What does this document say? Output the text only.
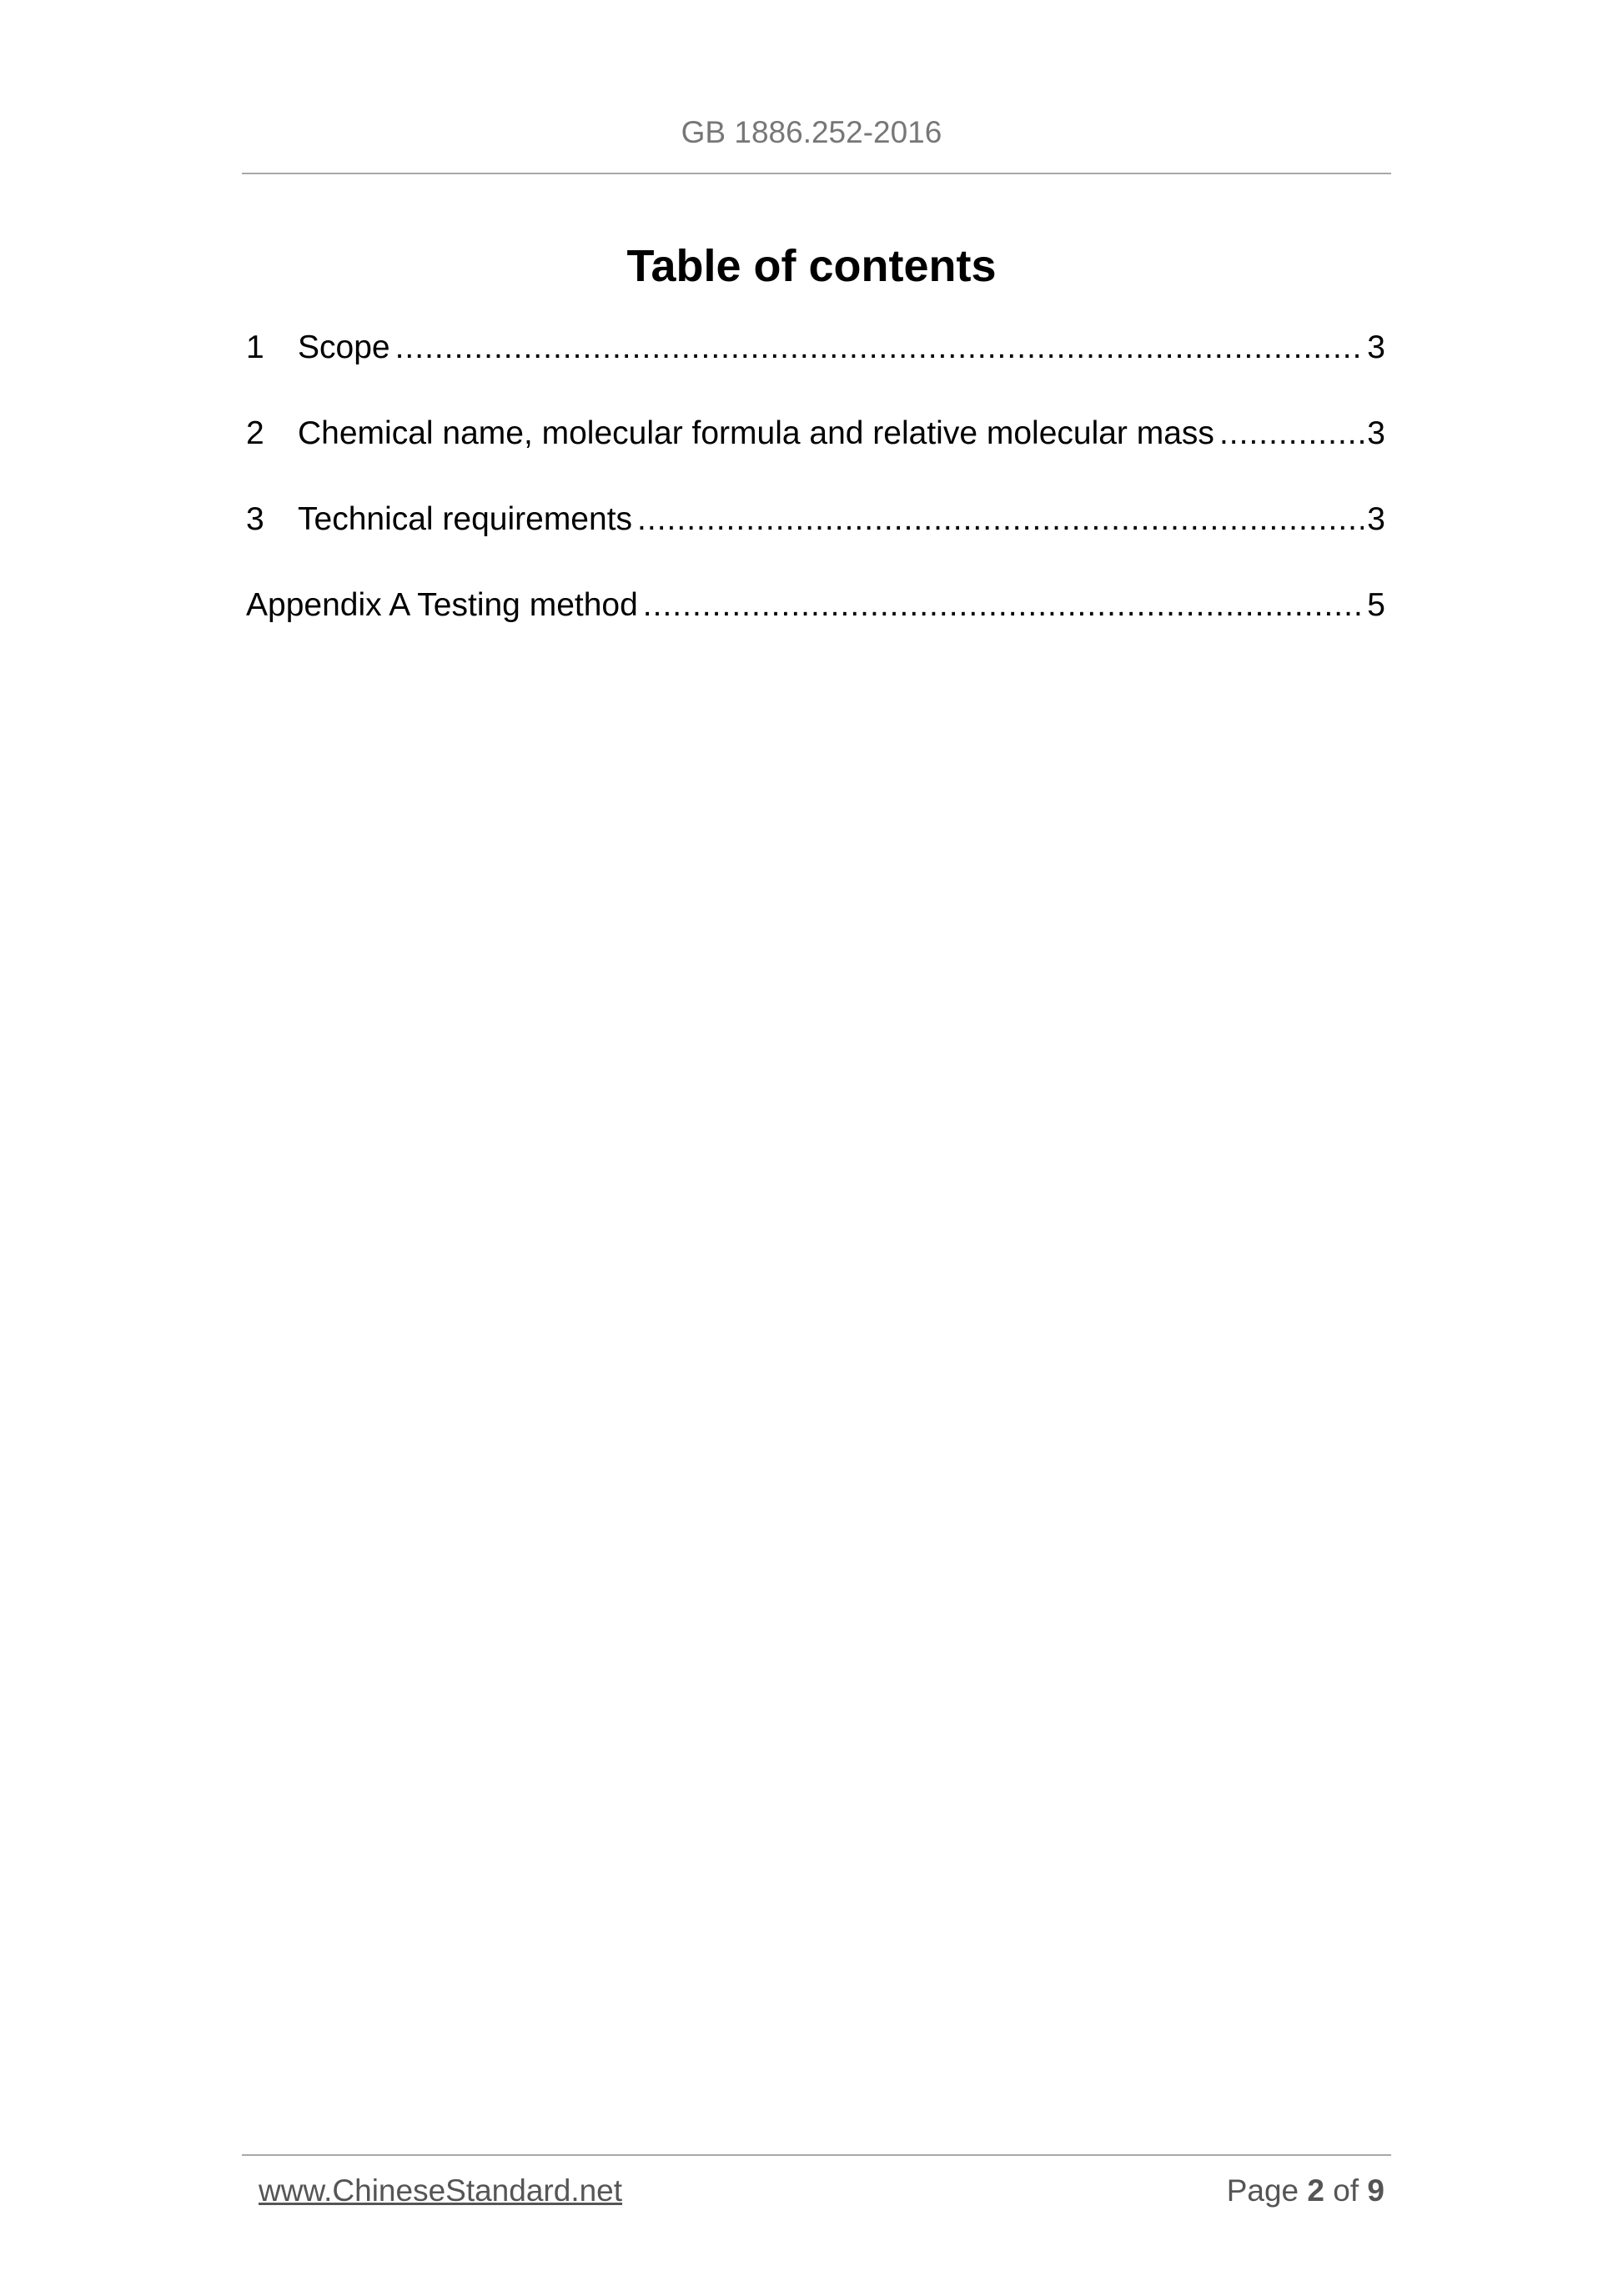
GB 1886.252-2016
Table of contents
1	Scope .....	3
2	Chemical name, molecular formula and relative molecular mass .....	3
3	Technical requirements .....	3
Appendix A Testing method .....	5
www.ChineseStandard.net	Page 2 of 9
